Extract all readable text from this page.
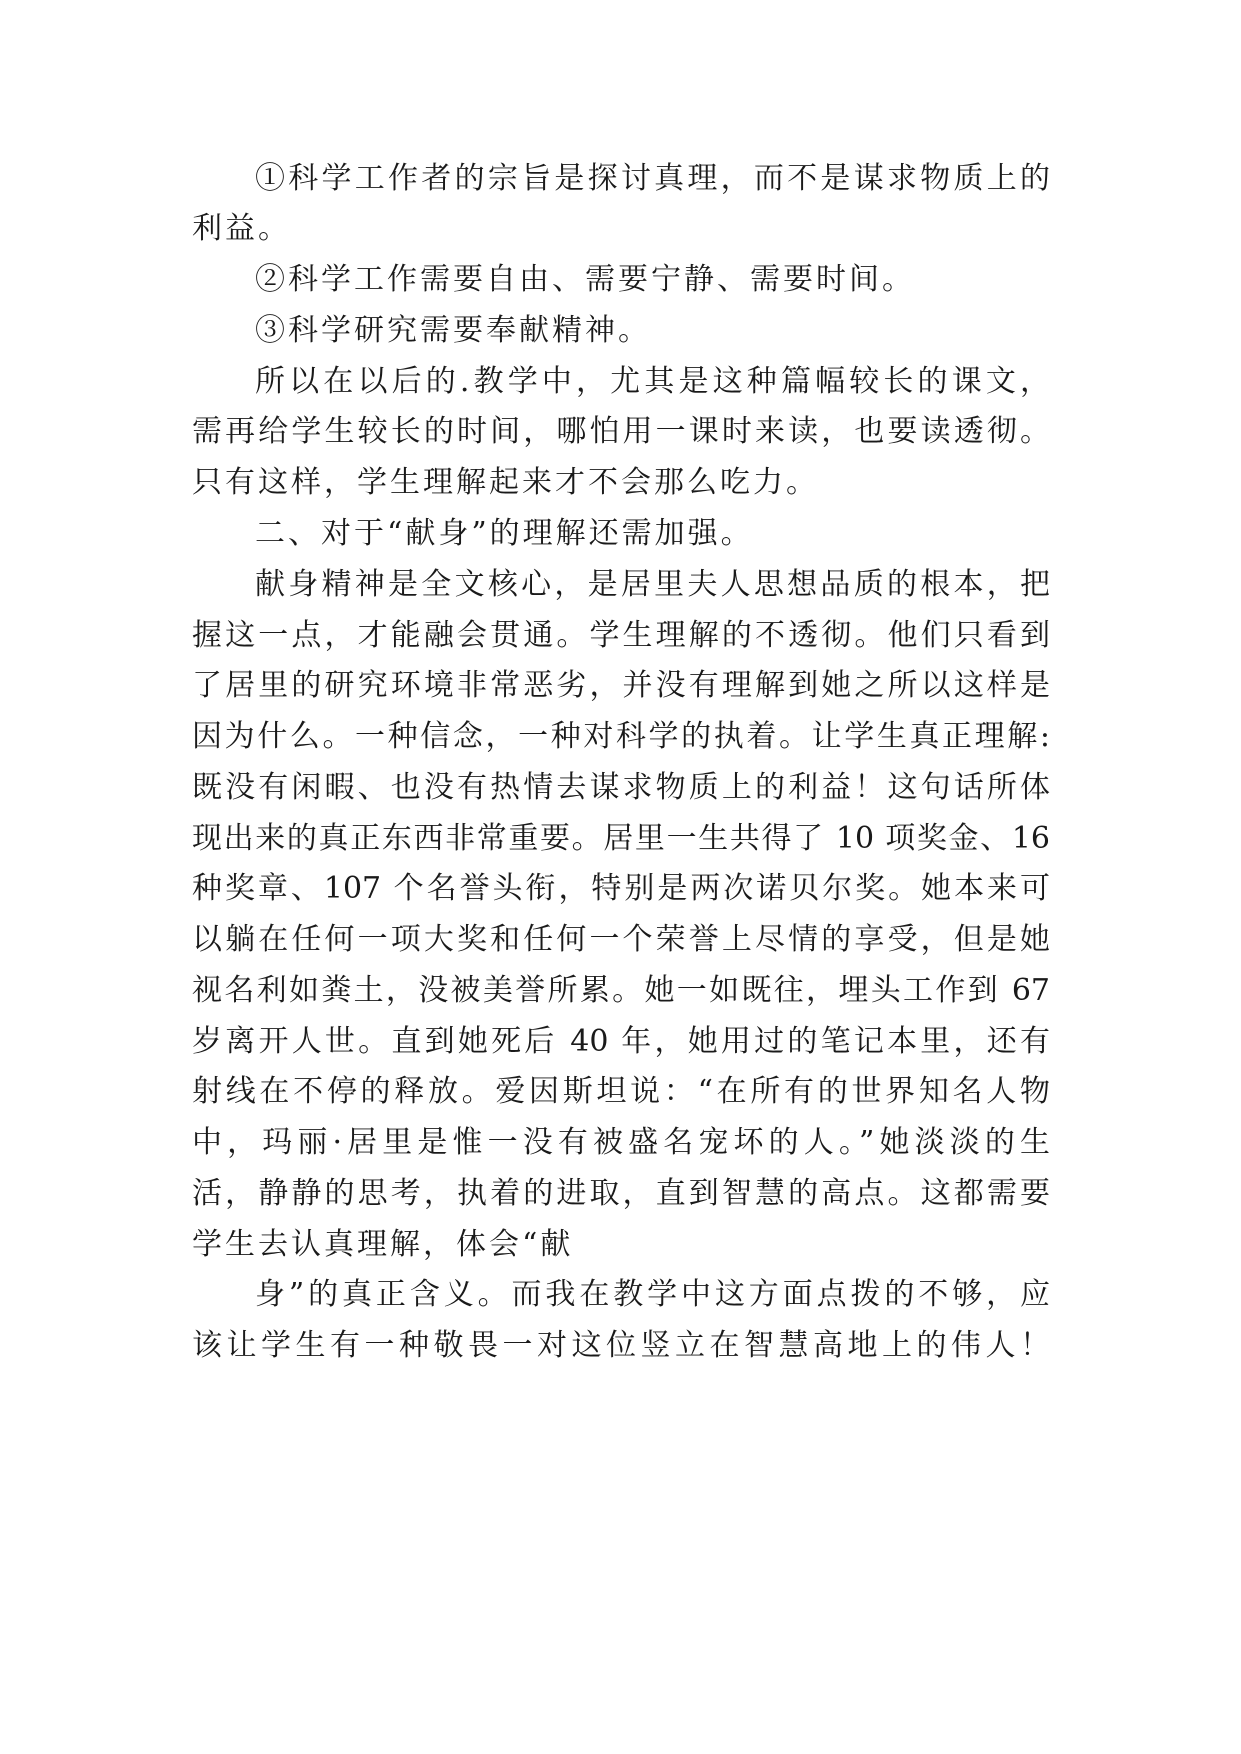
①科学工作者的宗旨是探讨真理，而不是谋求物质上的
利益。
②科学工作需要自由、需要宁静、需要时间。
③科学研究需要奉献精神。
所以在以后的.教学中，尤其是这种篇幅较长的课文，
需再给学生较长的时间，哪怕用一课时来读，也要读透彻。
只有这样，学生理解起来才不会那么吃力。
二、对于“献身”的理解还需加强。
献身精神是全文核心，是居里夫人思想品质的根本，把
握这一点，才能融会贯通。学生理解的不透彻。他们只看到
了居里的研究环境非常恶劣，并没有理解到她之所以这样是
因为什么。一种信念，一种对科学的执着。让学生真正理解:
既没有闲暇、也没有热情去谋求物质上的利益！这句话所体
现出来的真正东西非常重要。居里一生共得了 10 项奖金、16
种奖章、107 个名誉头衔，特别是两次诺贝尔奖。她本来可
以躺在任何一项大奖和任何一个荣誉上尽情的享受，但是她
视名利如粪土，没被美誉所累。她一如既往，埋头工作到 67
岁离开人世。直到她死后 40 年，她用过的笔记本里，还有
射线在不停的释放。爱因斯坦说：“在所有的世界知名人物
中，玛丽·居里是惟一没有被盛名宠坏的人。”她淡淡的生
活，静静的思考，执着的进取，直到智慧的高点。这都需要
学生去认真理解，体会“献
身”的真正含义。而我在教学中这方面点拨的不够，应
该让学生有一种敬畏一对这位竖立在智慧高地上的伟人！
